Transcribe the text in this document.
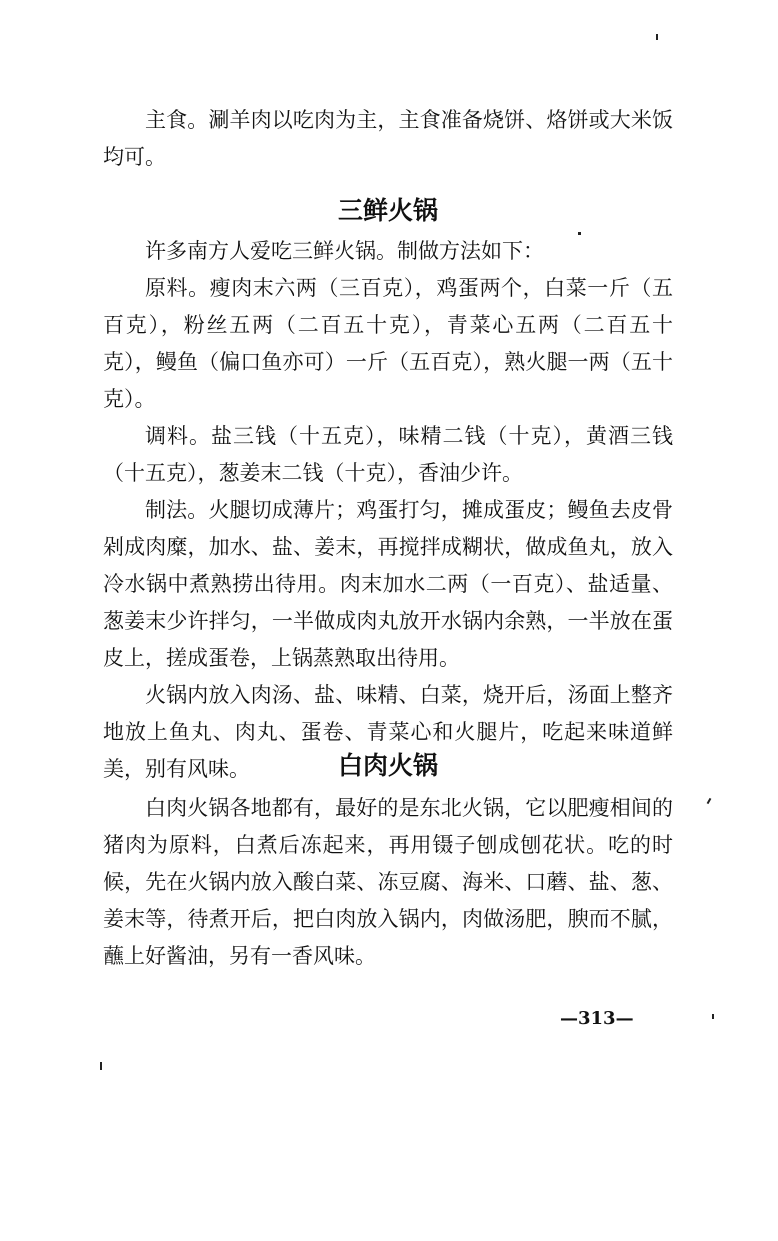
主食。涮羊肉以吃肉为主，主食准备烧饼、烙饼或大米饭均可。

三鲜火锅

许多南方人爱吃三鲜火锅。制做方法如下：

原料。瘦肉末六两（三百克），鸡蛋两个，白菜一斤（五百克），粉丝五两（二百五十克），青菜心五两（二百五十克），鳗鱼（偏口鱼亦可）一斤（五百克），熟火腿一两（五十克）。

调料。盐三钱（十五克），味精二钱（十克），黄酒三钱（十五克），葱姜末二钱（十克），香油少许。

制法。火腿切成薄片；鸡蛋打匀，摊成蛋皮；鳗鱼去皮骨剁成肉糜，加水、盐、姜末，再搅拌成糊状，做成鱼丸，放入冷水锅中煮熟捞出待用。肉末加水二两（一百克）、盐适量、葱姜末少许拌匀，一半做成肉丸放开水锅内余熟，一半放在蛋皮上，搓成蛋卷，上锅蒸熟取出待用。

火锅内放入肉汤、盐、味精、白菜，烧开后，汤面上整齐地放上鱼丸、肉丸、蛋卷、青菜心和火腿片，吃起来味道鲜美，别有风味。	白肉火锅

白肉火锅各地都有，最好的是东北火锅，它以肥瘦相间的猪肉为原料，白煮后冻起来，再用镊子刨成刨花状。吃的时候，先在火锅内放入酸白菜、冻豆腐、海米、口蘑、盐、葱、姜末等，待煮开后，把白肉放入锅内，肉做汤肥，腴而不腻，蘸上好酱油，另有一香风味。

—313—
